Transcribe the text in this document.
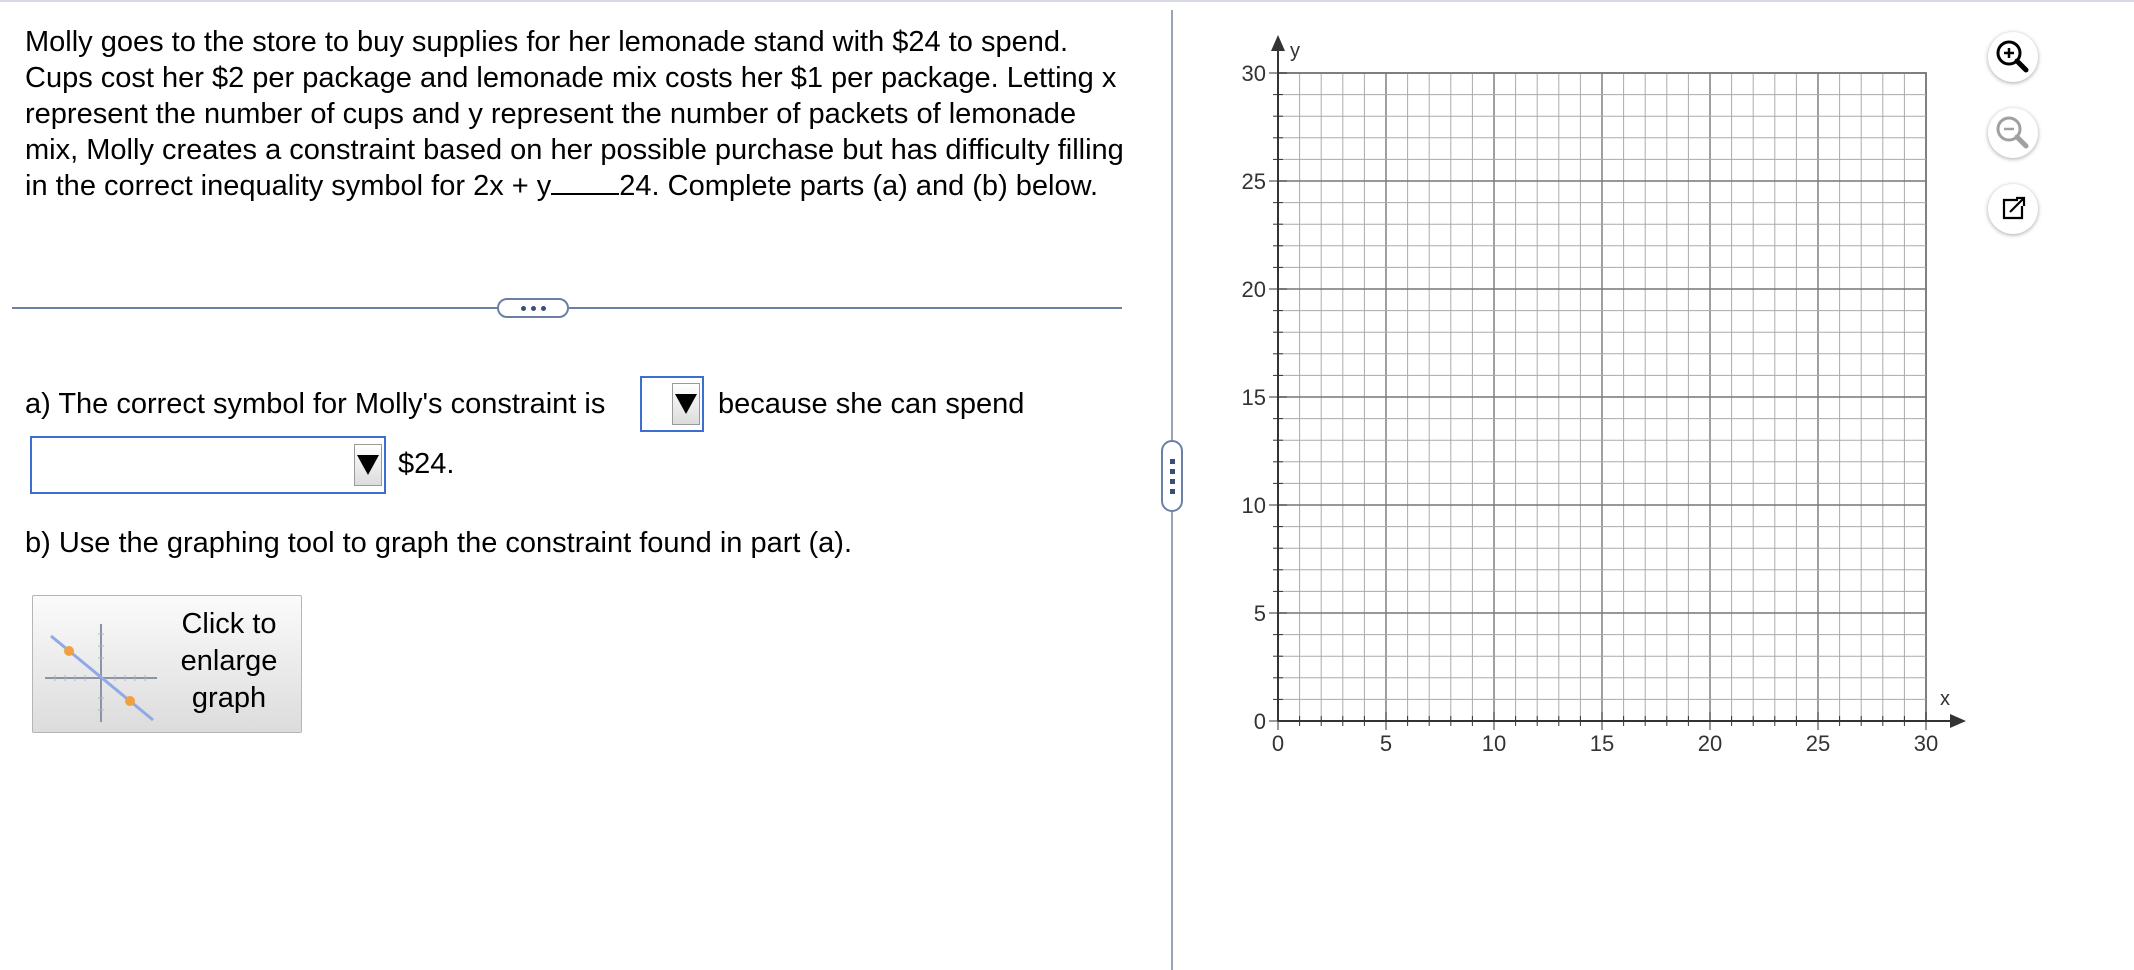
Molly goes to the store to buy supplies for her lemonade stand with $24 to spend. Cups cost her $2 per package and lemonade mix costs her $1 per package. Letting x represent the number of cups and y represent the number of packets of lemonade mix, Molly creates a constraint based on her possible purchase but has difficulty filling in the correct inequality symbol for 2x + y 24. Complete parts (a) and (b) below.

a) The correct symbol for Molly's constraint is	because she can spend
$24.
b) Use the graphing tool to graph the constraint found in part (a).
Click to
enlarge
graph
0	5	10	15	20	25	30
0
5
10
15
20
25
30
x
y
